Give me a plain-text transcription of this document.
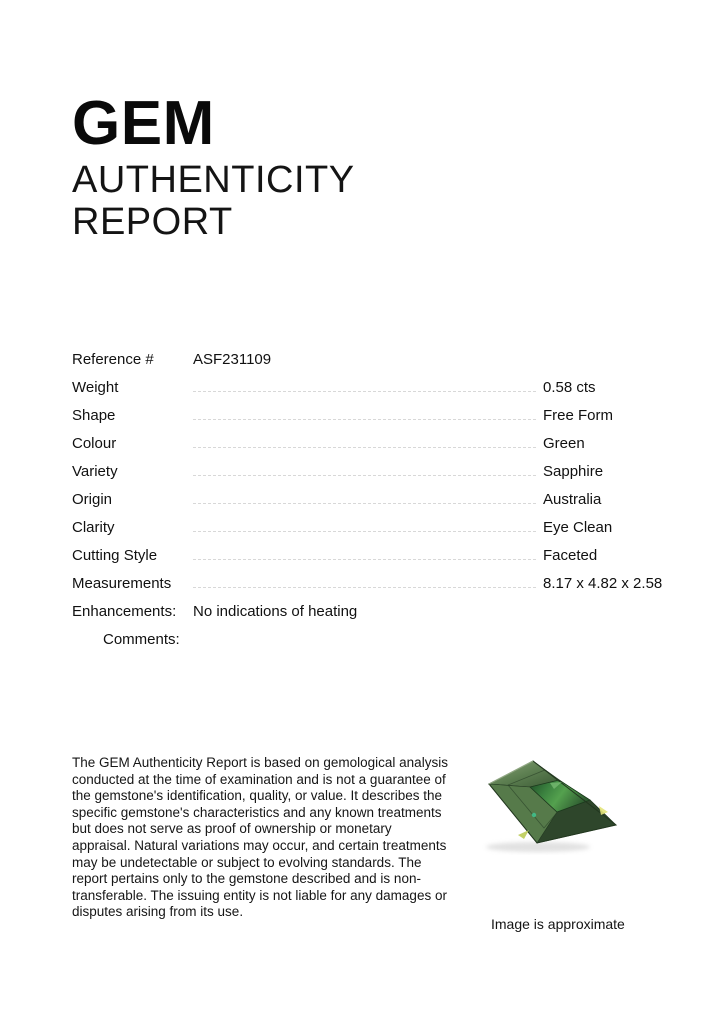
GEM
AUTHENTICITY
REPORT
Reference #	ASF231109
Weight	0.58 cts
Shape	Free Form
Colour	Green
Variety	Sapphire
Origin	Australia
Clarity	Eye Clean
Cutting Style	Faceted
Measurements	8.17 x 4.82 x 2.58
Enhancements:	No indications of heating
Comments:

The GEM Authenticity Report is based on gemological analysis conducted at the time of examination and is not a guarantee of the gemstone's identification, quality, or value. It describes the specific gemstone's characteristics and any known treatments but does not serve as proof of ownership or monetary appraisal. Natural variations may occur, and certain treatments may be undetectable or subject to evolving standards. The report pertains only to the gemstone described and is non-transferable. The issuing entity is not liable for any damages or disputes arising from its use.

Image is approximate
